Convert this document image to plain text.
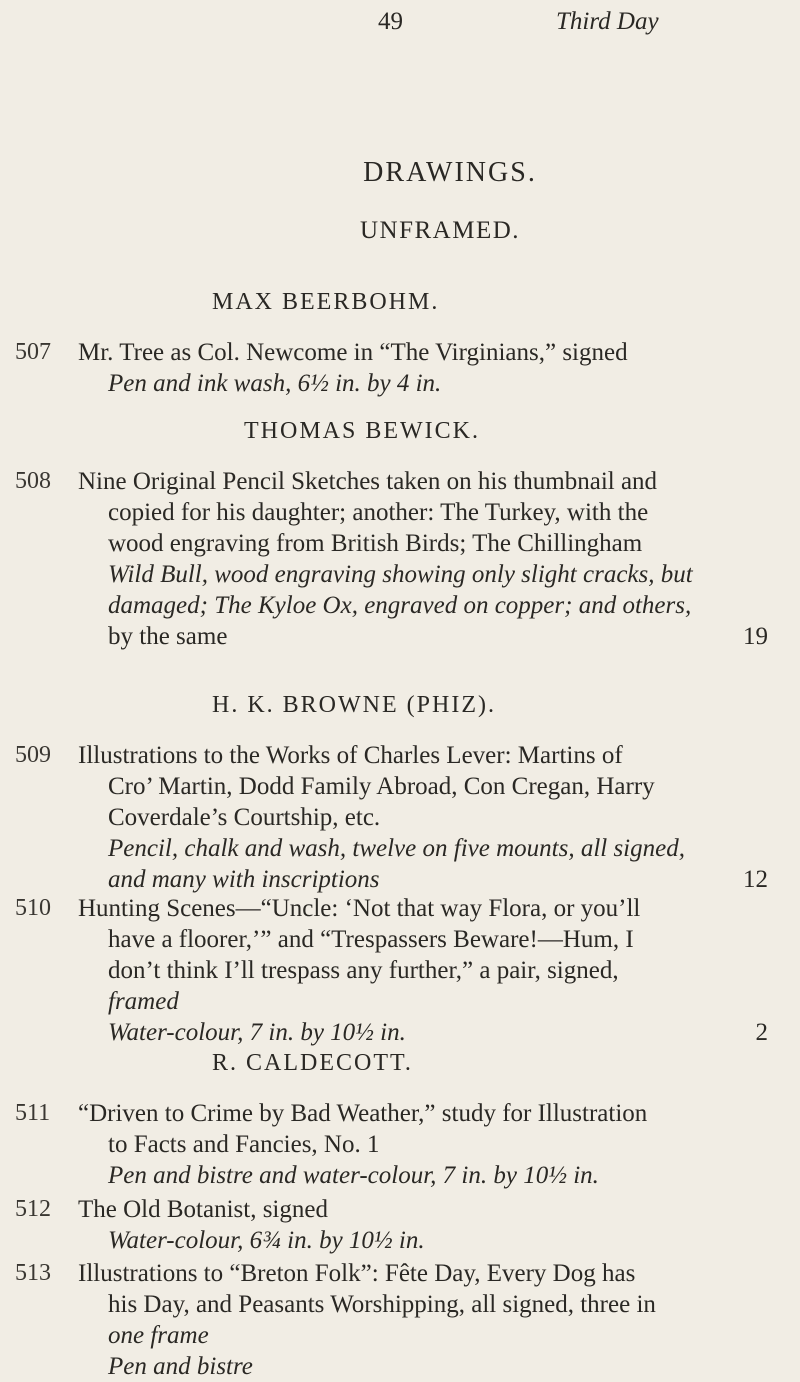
49	Third Day
DRAWINGS.
UNFRAMED.
MAX BEERBOHM.
507	Mr. Tree as Col. Newcome in “The Virginians,” signed
Pen and ink wash, 6½ in. by 4 in.
THOMAS BEWICK.
508	Nine Original Pencil Sketches taken on his thumbnail and
copied for his daughter; another: The Turkey, with the
wood engraving from British Birds; The Chillingham
Wild Bull, wood engraving showing only slight cracks, but
damaged; The Kyloe Ox, engraved on copper; and others,
by the same	19
H. K. BROWNE (PHIZ).
509	Illustrations to the Works of Charles Lever: Martins of
Cro’ Martin, Dodd Family Abroad, Con Cregan, Harry
Coverdale’s Courtship, etc.
Pencil, chalk and wash, twelve on five mounts, all signed,
and many with inscriptions	12
510	Hunting Scenes—“Uncle: ‘Not that way Flora, or you’ll
have a floorer,’” and “Trespassers Beware!—Hum, I
don’t think I’ll trespass any further,” a pair, signed,
framed
Water-colour, 7 in. by 10½ in.	2
R. CALDECOTT.
511	“Driven to Crime by Bad Weather,” study for Illustration
to Facts and Fancies, No. 1
Pen and bistre and water-colour, 7 in. by 10½ in.
512	The Old Botanist, signed
Water-colour, 6¾ in. by 10½ in.
513	Illustrations to “Breton Folk”: Fête Day, Every Dog has
his Day, and Peasants Worshipping, all signed, three in
one frame
Pen and bistre
